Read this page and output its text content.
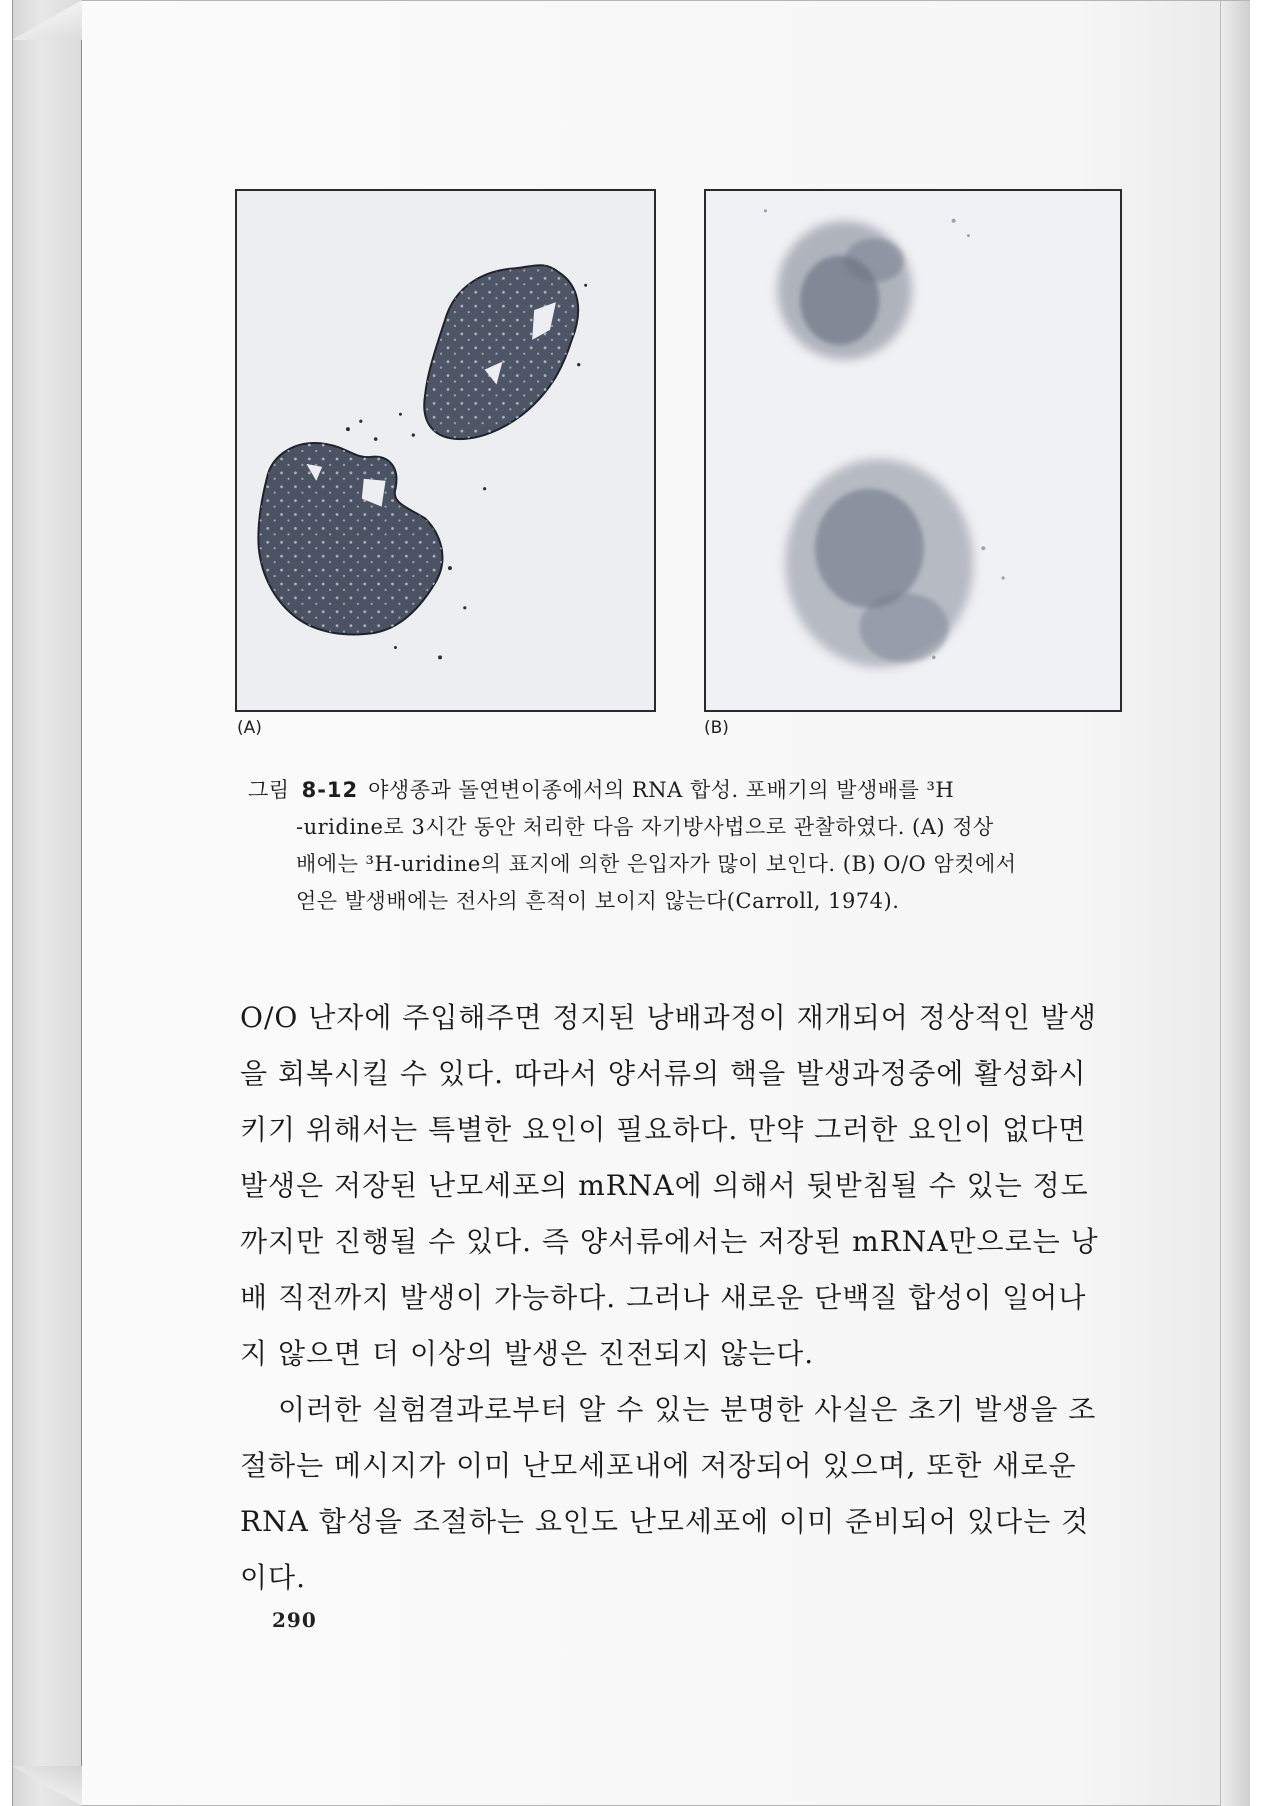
(A)	(B)
그림 8-12 야생종과 돌연변이종에서의 RNA 합성. 포배기의 발생배를 ³H
-uridine로 3시간 동안 처리한 다음 자기방사법으로 관찰하였다. (A) 정상
배에는 ³H-uridine의 표지에 의한 은입자가 많이 보인다. (B) O/O 암컷에서
얻은 발생배에는 전사의 흔적이 보이지 않는다(Carroll, 1974).
O/O 난자에 주입해주면 정지된 낭배과정이 재개되어 정상적인 발생
을 회복시킬 수 있다. 따라서 양서류의 핵을 발생과정중에 활성화시
키기 위해서는 특별한 요인이 필요하다. 만약 그러한 요인이 없다면
발생은 저장된 난모세포의 mRNA에 의해서 뒷받침될 수 있는 정도
까지만 진행될 수 있다. 즉 양서류에서는 저장된 mRNA만으로는 낭
배 직전까지 발생이 가능하다. 그러나 새로운 단백질 합성이 일어나
지 않으면 더 이상의 발생은 진전되지 않는다.
이러한 실험결과로부터 알 수 있는 분명한 사실은 초기 발생을 조
절하는 메시지가 이미 난모세포내에 저장되어 있으며, 또한 새로운
RNA 합성을 조절하는 요인도 난모세포에 이미 준비되어 있다는 것
이다.
290
